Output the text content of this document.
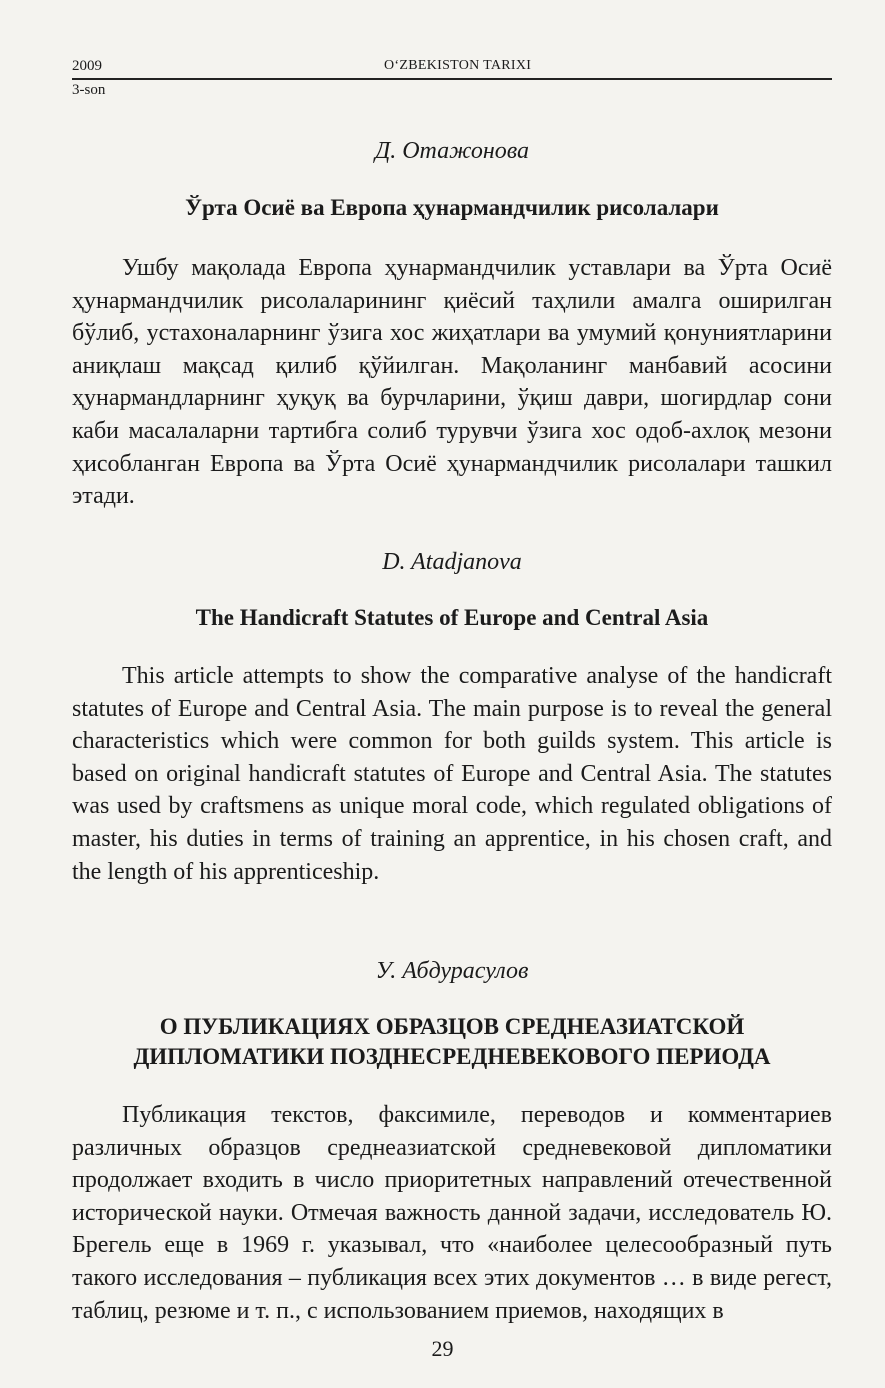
2009	O‘ZBEKISTON TARIXI
3-son
Д. Отажонова
Ўрта Осиё ва Европа ҳунармандчилик рисолалари

Ушбу мақолада Европа ҳунармандчилик уставлари ва Ўрта Осиё ҳунармандчилик рисолаларининг қиёсий таҳлили амалга оширилган бўлиб, устахоналарнинг ўзига хос жиҳатлари ва умумий қонуниятларини аниқлаш мақсад қилиб қўйилган. Мақоланинг манбавий асосини ҳунармандларнинг ҳуқуқ ва бурчларини, ўқиш даври, шогирдлар сони каби масалаларни тартибга солиб турувчи ўзига хос одоб-ахлоқ мезони ҳисобланган Европа ва Ўрта Осиё ҳунармандчилик рисолалари ташкил этади.

D. Atadjanova
The Handicraft Statutes of Europe and Central Asia

This article attempts to show the comparative analyse of the handicraft statutes of Europe and Central Asia. The main purpose is to reveal the general characteristics which were common for both guilds system. This article is based on original handicraft statutes of Europe and Central Asia. The statutes was used by craftsmens as unique moral code, which regulated obligations of master, his duties in terms of training an apprentice, in his chosen craft, and the length of his apprenticeship.

У. Абдурасулов
О ПУБЛИКАЦИЯХ ОБРАЗЦОВ СРЕДНЕАЗИАТСКОЙ
ДИПЛОМАТИКИ ПОЗДНЕСРЕДНЕВЕКОВОГО ПЕРИОДА

Публикация текстов, факсимиле, переводов и комментариев различных образцов среднеазиатской средневековой дипломатики продолжает входить в число приоритетных направлений отечественной исторической науки. Отмечая важность данной задачи, исследователь Ю. Брегель еще в 1969 г. указывал, что «наиболее целесообразный путь такого исследования – публикация всех этих документов … в виде регест, таблиц, резюме и т. п., с использованием приемов, находящих в

29
